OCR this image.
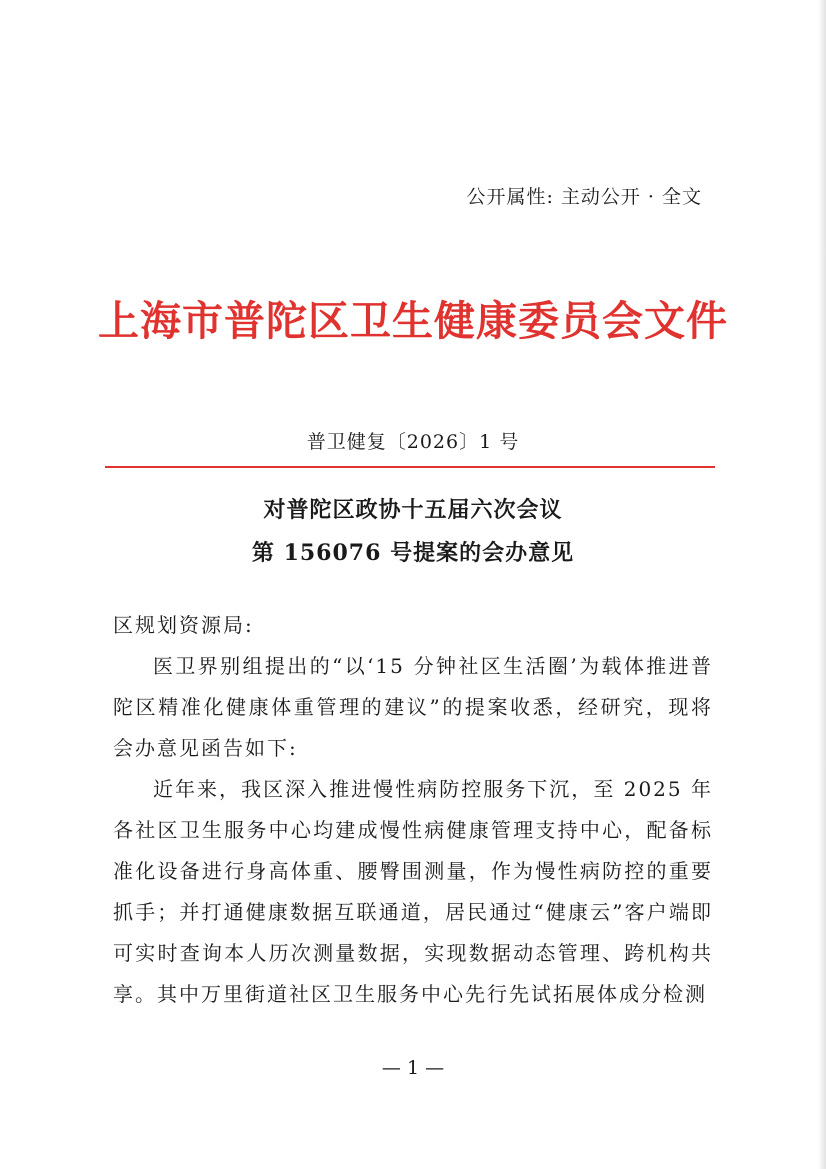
公开属性: 主动公开 · 全文
上海市普陀区卫生健康委员会文件
普卫健复〔2026〕1 号
对普陀区政协十五届六次会议
第 156076 号提案的会办意见

区规划资源局:

医卫界别组提出的“以‘15 分钟社区生活圈’为载体推进普陀区精准化健康体重管理的建议”的提案收悉，经研究，现将会办意见函告如下:

近年来，我区深入推进慢性病防控服务下沉，至 2025 年各社区卫生服务中心均建成慢性病健康管理支持中心，配备标准化设备进行身高体重、腰臀围测量，作为慢性病防控的重要抓手；并打通健康数据互联通道，居民通过“健康云”客户端即可实时查询本人历次测量数据，实现数据动态管理、跨机构共享。其中万里街道社区卫生服务中心先行先试拓展体成分检测

— 1 —
